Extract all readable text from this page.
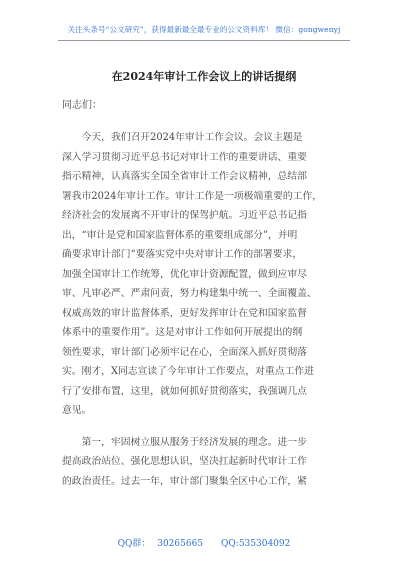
关注头条号“公文研究”，获得最新最全最专业的公文资料库！ 微信：gongwenyj
在2024年审计工作会议上的讲话提纲
同志们：
　　今天，我们召开2024年审计工作会议。会议主题是
深入学习贯彻习近平总书记对审计工作的重要讲话、重要
指示精神，认真落实全国全省审计工作会议精神，总结部
署我市2024年审计工作。审计工作是一项极端重要的工作，
经济社会的发展离不开审计的保驾护航。习近平总书记指
出，“审计是党和国家监督体系的重要组成部分”，并明
确要求审计部门“要落实党中央对审计工作的部署要求，
加强全国审计工作统筹，优化审计资源配置，做到应审尽
审、凡审必严、严肃问责，努力构建集中统一、全面覆盖、
权威高效的审计监督体系，更好发挥审计在党和国家监督
体系中的重要作用”。这是对审计工作如何开展提出的纲
领性要求，审计部门必须牢记在心，全面深入抓好贯彻落
实。刚才，X同志宣读了今年审计工作要点，对重点工作进
行了安排布置，这里，就如何抓好贯彻落实，我强调几点
意见。
　　第一，牢固树立服从服务于经济发展的理念。进一步
提高政治站位、强化思想认识，坚决扛起新时代审计工作
的政治责任。过去一年，审计部门聚集全区中心工作，紧
QQ群： 30265665　　QQ:535304092
